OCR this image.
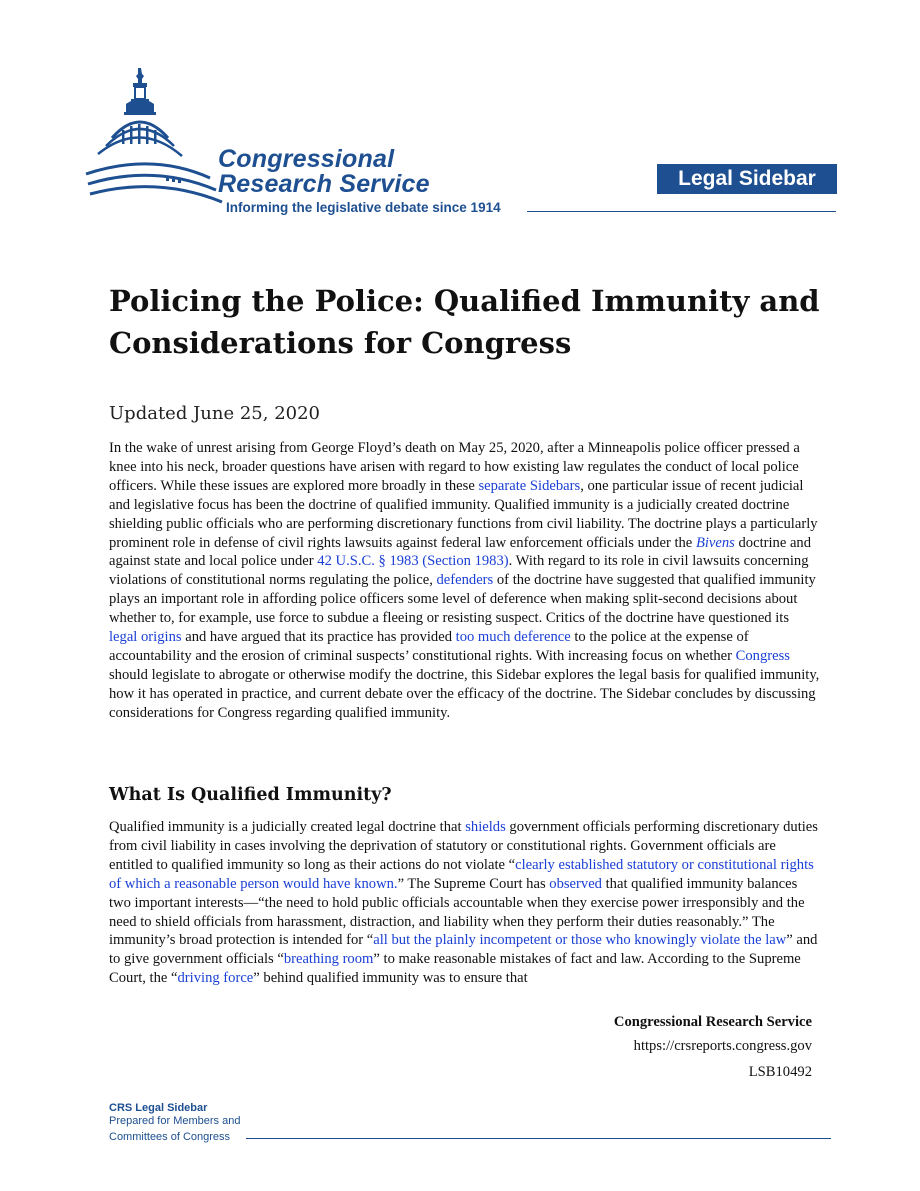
Congressional
Research Service
Informing the legislative debate since 1914
Legal Sidebar
Policing the Police: Qualified Immunity and Considerations for Congress
Updated June 25, 2020

In the wake of unrest arising from George Floyd’s death on May 25, 2020, after a Minneapolis police officer pressed a knee into his neck, broader questions have arisen with regard to how existing law regulates the conduct of local police officers. While these issues are explored more broadly in these separate Sidebars, one particular issue of recent judicial and legislative focus has been the doctrine of qualified immunity. Qualified immunity is a judicially created doctrine shielding public officials who are performing discretionary functions from civil liability. The doctrine plays a particularly prominent role in defense of civil rights lawsuits against federal law enforcement officials under the Bivens doctrine and against state and local police under 42 U.S.C. § 1983 (Section 1983). With regard to its role in civil lawsuits concerning violations of constitutional norms regulating the police, defenders of the doctrine have suggested that qualified immunity plays an important role in affording police officers some level of deference when making split-second decisions about whether to, for example, use force to subdue a fleeing or resisting suspect. Critics of the doctrine have questioned its legal origins and have argued that its practice has provided too much deference to the police at the expense of accountability and the erosion of criminal suspects’ constitutional rights. With increasing focus on whether Congress should legislate to abrogate or otherwise modify the doctrine, this Sidebar explores the legal basis for qualified immunity, how it has operated in practice, and current debate over the efficacy of the doctrine. The Sidebar concludes by discussing considerations for Congress regarding qualified immunity.

What Is Qualified Immunity?

Qualified immunity is a judicially created legal doctrine that shields government officials performing discretionary duties from civil liability in cases involving the deprivation of statutory or constitutional rights. Government officials are entitled to qualified immunity so long as their actions do not violate “clearly established statutory or constitutional rights of which a reasonable person would have known.” The Supreme Court has observed that qualified immunity balances two important interests—“the need to hold public officials accountable when they exercise power irresponsibly and the need to shield officials from harassment, distraction, and liability when they perform their duties reasonably.” The immunity’s broad protection is intended for “all but the plainly incompetent or those who knowingly violate the law” and to give government officials “breathing room” to make reasonable mistakes of fact and law. According to the Supreme Court, the “driving force” behind qualified immunity was to ensure that

Congressional Research Service
https://crsreports.congress.gov
LSB10492
CRS Legal Sidebar
Prepared for Members and
Committees of Congress
